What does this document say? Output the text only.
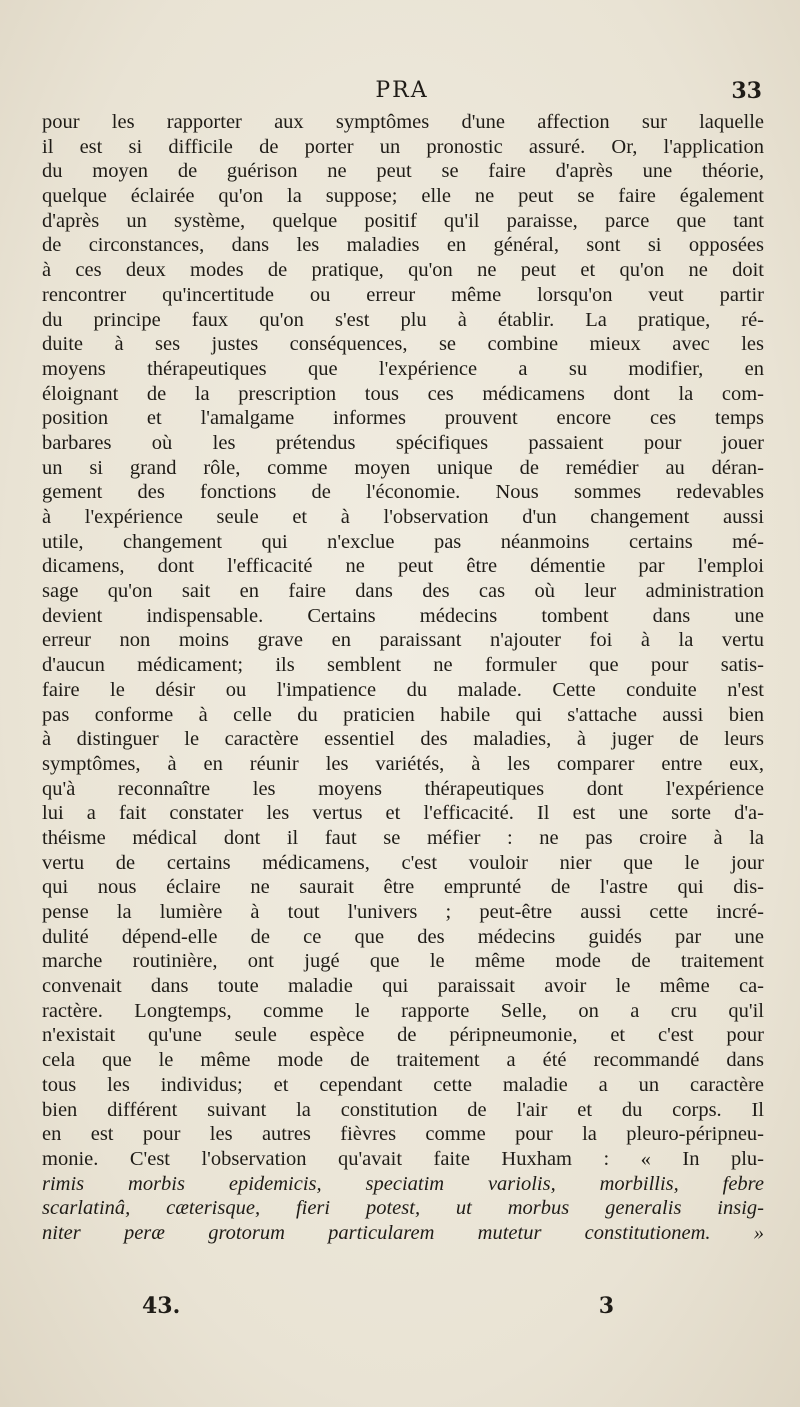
PRA	33
pour les rapporter aux symptômes d'une affection sur laquelle
il est si difficile de porter un pronostic assuré. Or, l'application
du moyen de guérison ne peut se faire d'après une théorie,
quelque éclairée qu'on la suppose; elle ne peut se faire également
d'après un système, quelque positif qu'il paraisse, parce que tant
de circonstances, dans les maladies en général, sont si opposées
à ces deux modes de pratique, qu'on ne peut et qu'on ne doit
rencontrer qu'incertitude ou erreur même lorsqu'on veut partir
du principe faux qu'on s'est plu à établir. La pratique, ré-
duite à ses justes conséquences, se combine mieux avec les
moyens thérapeutiques que l'expérience a su modifier, en
éloignant de la prescription tous ces médicamens dont la com-
position et l'amalgame informes prouvent encore ces temps
barbares où les prétendus spécifiques passaient pour jouer
un si grand rôle, comme moyen unique de remédier au déran-
gement des fonctions de l'économie. Nous sommes redevables
à l'expérience seule et à l'observation d'un changement aussi
utile, changement qui n'exclue pas néanmoins certains mé-
dicamens, dont l'efficacité ne peut être démentie par l'emploi
sage qu'on sait en faire dans des cas où leur administration
devient indispensable. Certains médecins tombent dans une
erreur non moins grave en paraissant n'ajouter foi à la vertu
d'aucun médicament; ils semblent ne formuler que pour satis-
faire le désir ou l'impatience du malade. Cette conduite n'est
pas conforme à celle du praticien habile qui s'attache aussi bien
à distinguer le caractère essentiel des maladies, à juger de leurs
symptômes, à en réunir les variétés, à les comparer entre eux,
qu'à reconnaître les moyens thérapeutiques dont l'expérience
lui a fait constater les vertus et l'efficacité. Il est une sorte d'a-
théisme médical dont il faut se méfier : ne pas croire à la
vertu de certains médicamens, c'est vouloir nier que le jour
qui nous éclaire ne saurait être emprunté de l'astre qui dis-
pense la lumière à tout l'univers ; peut-être aussi cette incré-
dulité dépend-elle de ce que des médecins guidés par une
marche routinière, ont jugé que le même mode de traitement
convenait dans toute maladie qui paraissait avoir le même ca-
ractère. Longtemps, comme le rapporte Selle, on a cru qu'il
n'existait qu'une seule espèce de péripneumonie, et c'est pour
cela que le même mode de traitement a été recommandé dans
tous les individus; et cependant cette maladie a un caractère
bien différent suivant la constitution de l'air et du corps. Il
en est pour les autres fièvres comme pour la pleuro-péripneu-
monie. C'est l'observation qu'avait faite Huxham : « In plu-
rimis morbis epidemicis, speciatim variolis, morbillis, febre
scarlatinâ, cæterisque, fieri potest, ut morbus generalis insig-
niter peræ grotorum particularem mutetur constitutionem. »
43.	3
